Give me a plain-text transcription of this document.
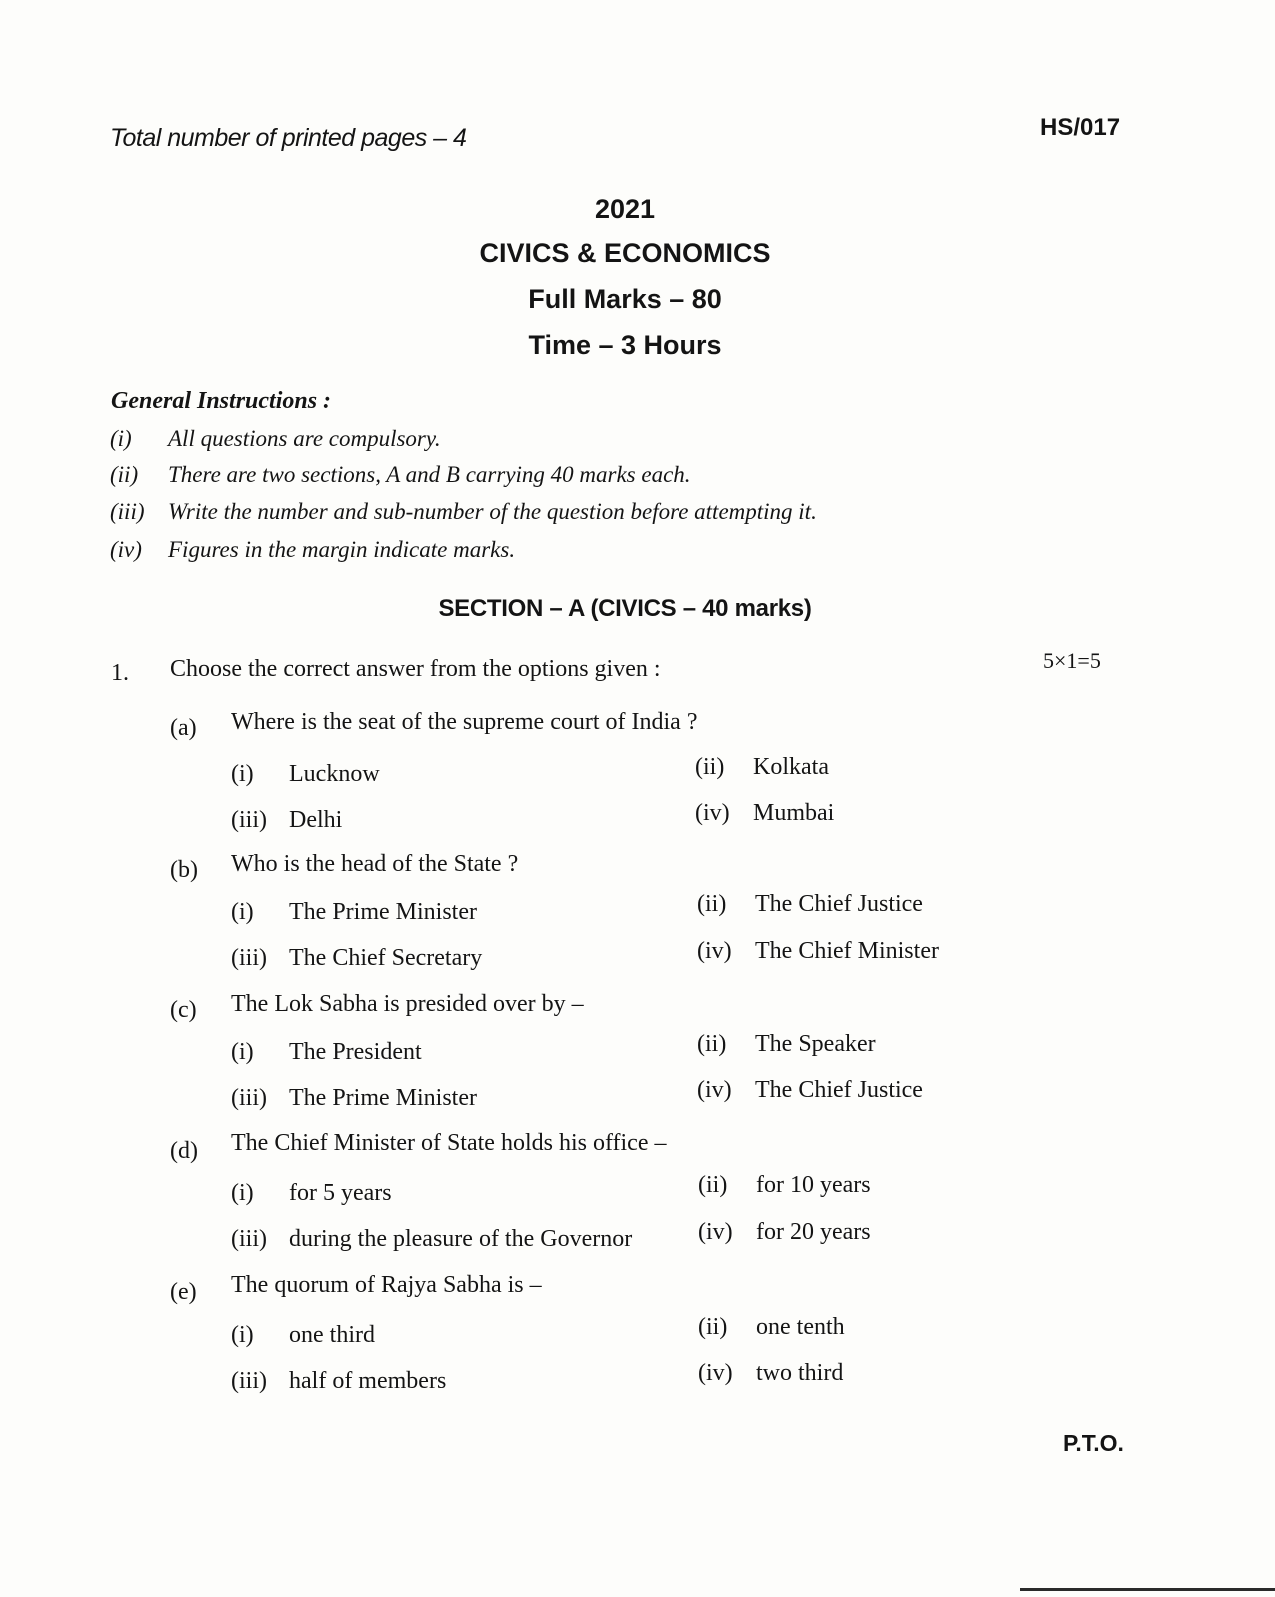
Total number of printed pages – 4	HS/017
2021
CIVICS & ECONOMICS
Full Marks – 80
Time – 3 Hours
General Instructions :
(i) All questions are compulsory.
(ii) There are two sections, A and B carrying 40 marks each.
(iii) Write the number and sub-number of the question before attempting it.
(iv) Figures in the margin indicate marks.
SECTION – A (CIVICS – 40 marks)
1. Choose the correct answer from the options given :	5×1=5
(a) Where is the seat of the supreme court of India ?
(i) Lucknow	(ii) Kolkata
(iii) Delhi	(iv) Mumbai
(b) Who is the head of the State ?
(i) The Prime Minister	(ii) The Chief Justice
(iii) The Chief Secretary	(iv) The Chief Minister
(c) The Lok Sabha is presided over by –
(i) The President	(ii) The Speaker
(iii) The Prime Minister	(iv) The Chief Justice
(d) The Chief Minister of State holds his office –
(i) for 5 years	(ii) for 10 years
(iii) during the pleasure of the Governor	(iv) for 20 years
(e) The quorum of Rajya Sabha is –
(i) one third	(ii) one tenth
(iii) half of members	(iv) two third
P.T.O.
